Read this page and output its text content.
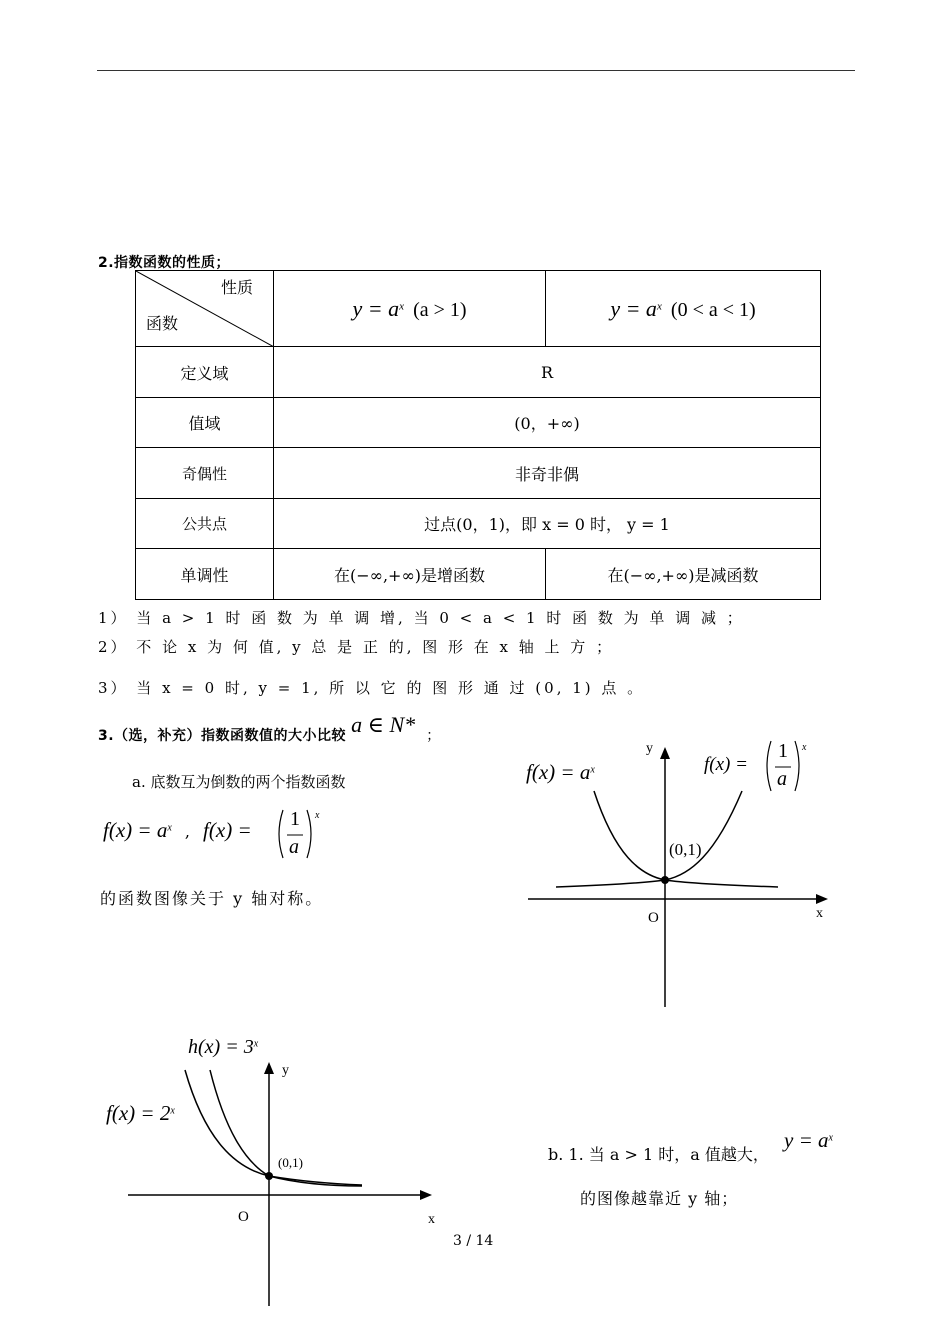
2.指数函数的性质；
性质
函数	$y = a^x$ (a > 1)	$y = a^x$ (0 < a < 1)
定义域	R	
值域	(0，+∞)	
奇偶性	非奇非偶	
公共点	过点(0，1)，即 x = 0 时， y = 1	
单调性	在(−∞,+∞)是增函数	在(−∞,+∞)是减函数
1） 当 a > 1 时 函 数 为 单 调 增, 当 0 < a < 1 时 函 数 为 单 调 减 ；
2） 不 论 x 为 何 值, y 总 是 正 的, 图 形 在 x 轴 上 方 ；
3） 当 x = 0 时, y = 1, 所 以 它 的 图 形 通 过 (0, 1) 点 。
3.（选，补充）指数函数值的大小比较 a ∈ N* ；
a. 底数互为倒数的两个指数函数
$f(x) = a^x$ , f(x) = 1
a
x
的函数图像关于 y 轴对称。
y
x
O
(0,1)
$f(x) = a^x$	f(x) =
1
a
x
y
x
O
(0,1)
$h(x) = 3^x$
$f(x) = 2^x$
b. 1. 当 a > 1 时，a 值越大，
$y = a^x$
的图像越靠近 y 轴；
3 / 14
